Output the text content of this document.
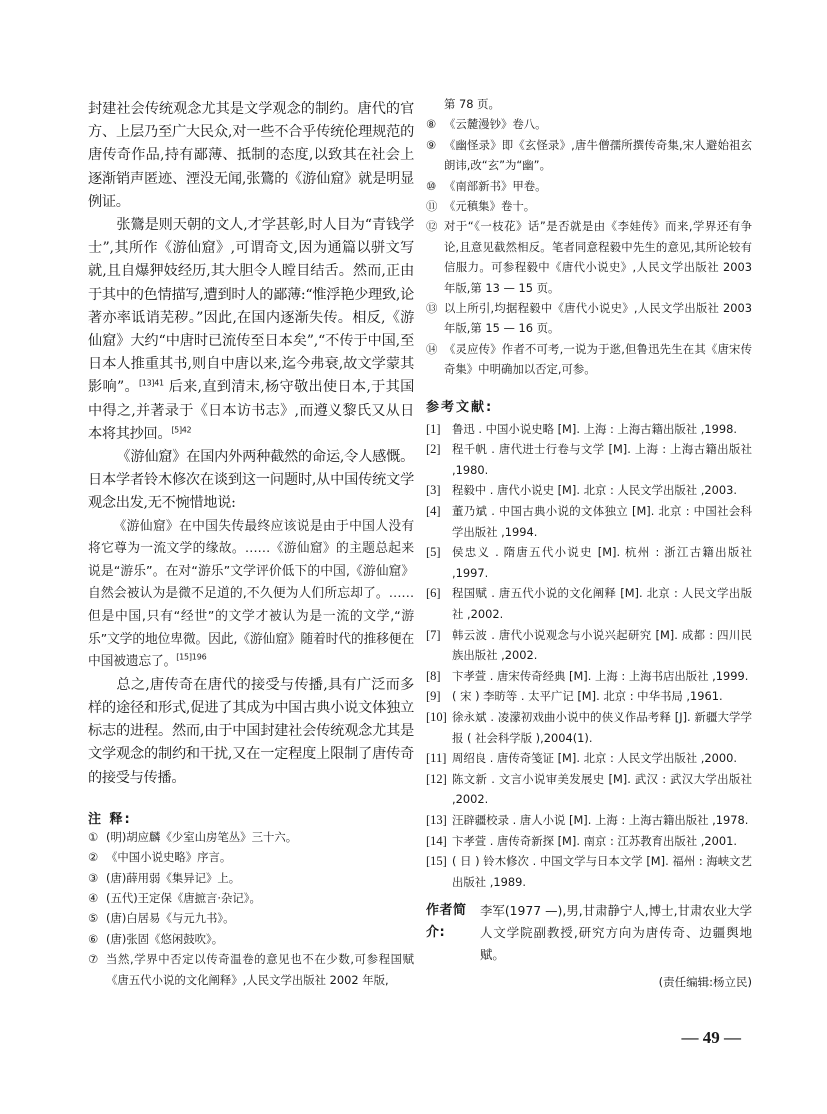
封建社会传统观念尤其是文学观念的制约。唐代的官方、上层乃至广大民众,对一些不合乎传统伦理规范的唐传奇作品,持有鄙薄、抵制的态度,以致其在社会上逐渐销声匿迹、湮没无闻,张鷟的《游仙窟》就是明显例证。

张鷟是则天朝的文人,才学甚彰,时人目为“青钱学士”,其所作《游仙窟》,可谓奇文,因为通篇以骈文写就,且自爆狎妓经历,其大胆令人瞠目结舌。然而,正由于其中的色情描写,遭到时人的鄙薄:“惟浮艳少理致,论著亦率诋诮芜秽。”因此,在国内逐渐失传。相反,《游仙窟》大约“中唐时已流传至日本矣”,“不传于中国,至日本人推重其书,则自中唐以来,迄今弗衰,故文学蒙其影响”。$^{[13]41}$ 后来,直到清末,杨守敬出使日本,于其国中得之,并著录于《日本访书志》,而遵义黎氏又从日本将其抄回。$^{[5]42}$

《游仙窟》在国内外两种截然的命运,令人感慨。日本学者铃木修次在谈到这一问题时,从中国传统文学观念出发,无不惋惜地说:

《游仙窟》在中国失传最终应该说是由于中国人没有将它尊为一流文学的缘故。……《游仙窟》的主题总起来说是“游乐”。在对“游乐”文学评价低下的中国,《游仙窟》自然会被认为是微不足道的,不久便为人们所忘却了。……但是中国,只有“经世”的文学才被认为是一流的文学,“游乐”文学的地位卑微。因此,《游仙窟》随着时代的推移便在中国被遗忘了。$^{[15]196}$

总之,唐传奇在唐代的接受与传播,具有广泛而多样的途径和形式,促进了其成为中国古典小说文体独立标志的进程。然而,由于中国封建社会传统观念尤其是文学观念的制约和干扰,又在一定程度上限制了唐传奇的接受与传播。

注 释:

① (明)胡应麟《少室山房笔丛》三十六。
② 《中国小说史略》序言。
③ (唐)薛用弱《集异记》上。
④ (五代)王定保《唐摭言·杂记》。
⑤ (唐)白居易《与元九书》。
⑥ (唐)张固《悠闲鼓吹》。
⑦ 当然,学界中否定以传奇温卷的意见也不在少数,可参程国赋《唐五代小说的文化阐释》,人民文学出版社 2002 年版,
第 78 页。
⑧ 《云麓漫钞》卷八。
⑨ 《幽怪录》即《玄怪录》,唐牛僧孺所撰传奇集,宋人避始祖玄朗讳,改“玄”为“幽”。
⑩ 《南部新书》甲卷。
⑪ 《元稹集》卷十。
⑫ 对于“《一枝花》话”是否就是由《李娃传》而来,学界还有争论,且意见截然相反。笔者同意程毅中先生的意见,其所论较有信服力。可参程毅中《唐代小说史》,人民文学出版社 2003 年版,第 13 — 15 页。
⑬ 以上所引,均据程毅中《唐代小说史》,人民文学出版社 2003 年版,第 15 — 16 页。
⑭ 《灵应传》作者不可考,一说为于逖,但鲁迅先生在其《唐宋传奇集》中明确加以否定,可参。

参考文献:

[1]	鲁迅 . 中国小说史略 [M]. 上海 : 上海古籍出版社 ,1998.
[2]	程千帆 . 唐代进士行卷与文学 [M]. 上海 : 上海古籍出版社 ,1980.
[3]	程毅中 . 唐代小说史 [M]. 北京 : 人民文学出版社 ,2003.
[4]	董乃斌 . 中国古典小说的文体独立 [M]. 北京 : 中国社会科学出版社 ,1994.
[5]	侯忠义 . 隋唐五代小说史 [M]. 杭州 : 浙江古籍出版社 ,1997.
[6]	程国赋 . 唐五代小说的文化阐释 [M]. 北京 : 人民文学出版社 ,2002.
[7]	韩云波 . 唐代小说观念与小说兴起研究 [M]. 成都 : 四川民族出版社 ,2002.
[8]	卞孝萱 . 唐宋传奇经典 [M]. 上海 : 上海书店出版社 ,1999.
[9]	( 宋 ) 李昉等 . 太平广记 [M]. 北京 : 中华书局 ,1961.
[10] 徐永斌 . 凌濛初戏曲小说中的侠义作品考释 [J]. 新疆大学学报 ( 社会科学版 ),2004(1).
[11] 周绍良 . 唐传奇笺证 [M]. 北京 : 人民文学出版社 ,2000.
[12] 陈文新 . 文言小说审美发展史 [M]. 武汉 : 武汉大学出版社 ,2002.
[13] 汪辟疆校录 . 唐人小说 [M]. 上海 : 上海古籍出版社 ,1978.
[14] 卞孝萱 . 唐传奇新探 [M]. 南京 : 江苏教育出版社 ,2001.
[15] ( 日 ) 铃木修次 . 中国文学与日本文学 [M]. 福州 : 海峡文艺出版社 ,1989.
作者简介:
李军(1977 —),男,甘肃静宁人,博士,甘肃农业大学人文学院副教授,研究方向为唐传奇、边疆舆地赋。
(责任编辑:杨立民)
— 49 —
